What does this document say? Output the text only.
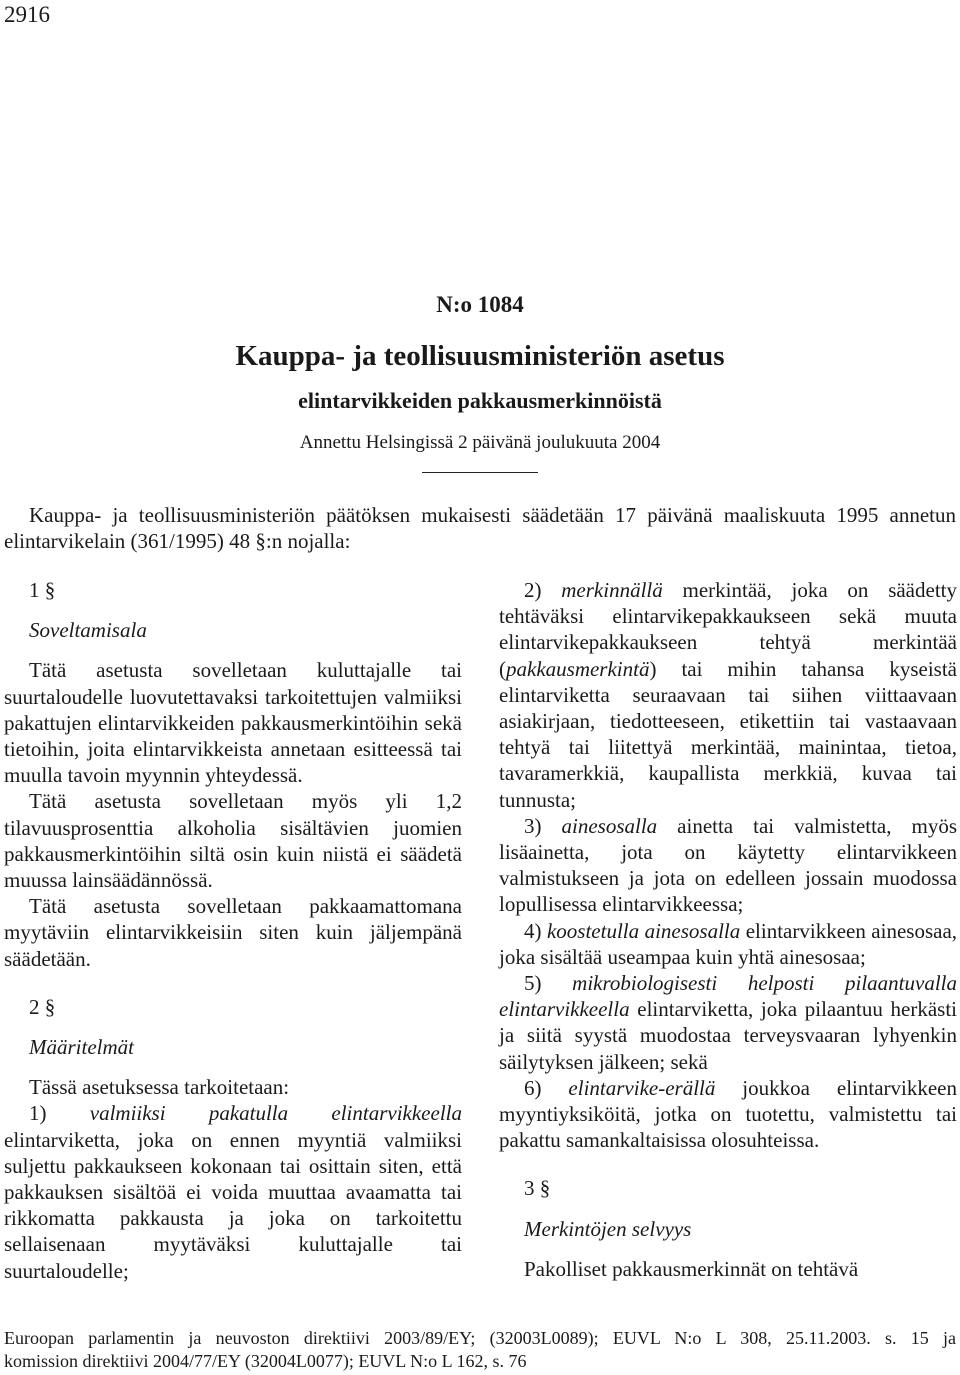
2916
N:o 1084
Kauppa- ja teollisuusministeriön asetus
elintarvikkeiden pakkausmerkinnöistä
Annettu Helsingissä 2 päivänä joulukuuta 2004
Kauppa- ja teollisuusministeriön päätöksen mukaisesti säädetään 17 päivänä maaliskuuta 1995 annetun elintarvikelain (361/1995) 48 §:n nojalla:

1 §

Soveltamisala

Tätä asetusta sovelletaan kuluttajalle tai suurtaloudelle luovutettavaksi tarkoitettujen valmiiksi pakattujen elintarvikkeiden pakkausmerkintöihin sekä tietoihin, joita elintarvikkeista annetaan esitteessä tai muulla tavoin myynnin yhteydessä.

Tätä asetusta sovelletaan myös yli 1,2 tilavuusprosenttia alkoholia sisältävien juomien pakkausmerkintöihin siltä osin kuin niistä ei säädetä muussa lainsäädännössä.

Tätä asetusta sovelletaan pakkaamattomana myytäviin elintarvikkeisiin siten kuin jäljempänä säädetään.

2 §

Määritelmät

Tässä asetuksessa tarkoitetaan:

1) valmiiksi pakatulla elintarvikkeella elintarviketta, joka on ennen myyntiä valmiiksi suljettu pakkaukseen kokonaan tai osittain siten, että pakkauksen sisältöä ei voida muuttaa avaamatta tai rikkomatta pakkausta ja joka on tarkoitettu sellaisenaan myytäväksi kuluttajalle tai suurtaloudelle;

2) merkinnällä merkintää, joka on säädetty tehtäväksi elintarvikepakkaukseen sekä muuta elintarvikepakkaukseen tehtyä merkintää (pakkausmerkintä) tai mihin tahansa kyseistä elintarviketta seuraavaan tai siihen viittaavaan asiakirjaan, tiedotteeseen, etikettiin tai vastaavaan tehtyä tai liitettyä merkintää, mainintaa, tietoa, tavaramerkkiä, kaupallista merkkiä, kuvaa tai tunnusta;

3) ainesosalla ainetta tai valmistetta, myös lisäainetta, jota on käytetty elintarvikkeen valmistukseen ja jota on edelleen jossain muodossa lopullisessa elintarvikkeessa;

4) koostetulla ainesosalla elintarvikkeen ainesosaa, joka sisältää useampaa kuin yhtä ainesosaa;

5) mikrobiologisesti helposti pilaantuvalla elintarvikkeella elintarviketta, joka pilaantuu herkästi ja siitä syystä muodostaa terveysvaaran lyhyenkin säilytyksen jälkeen; sekä

6) elintarvike-erällä joukkoa elintarvikkeen myyntiyksiköitä, jotka on tuotettu, valmistettu tai pakattu samankaltaisissa olosuhteissa.

3 §

Merkintöjen selvyys

Pakolliset pakkausmerkinnät on tehtävä

Euroopan parlamentin ja neuvoston direktiivi 2003/89/EY; (32003L0089); EUVL N:o L 308, 25.11.2003. s. 15 ja
komission direktiivi 2004/77/EY (32004L0077); EUVL N:o L 162, s. 76
